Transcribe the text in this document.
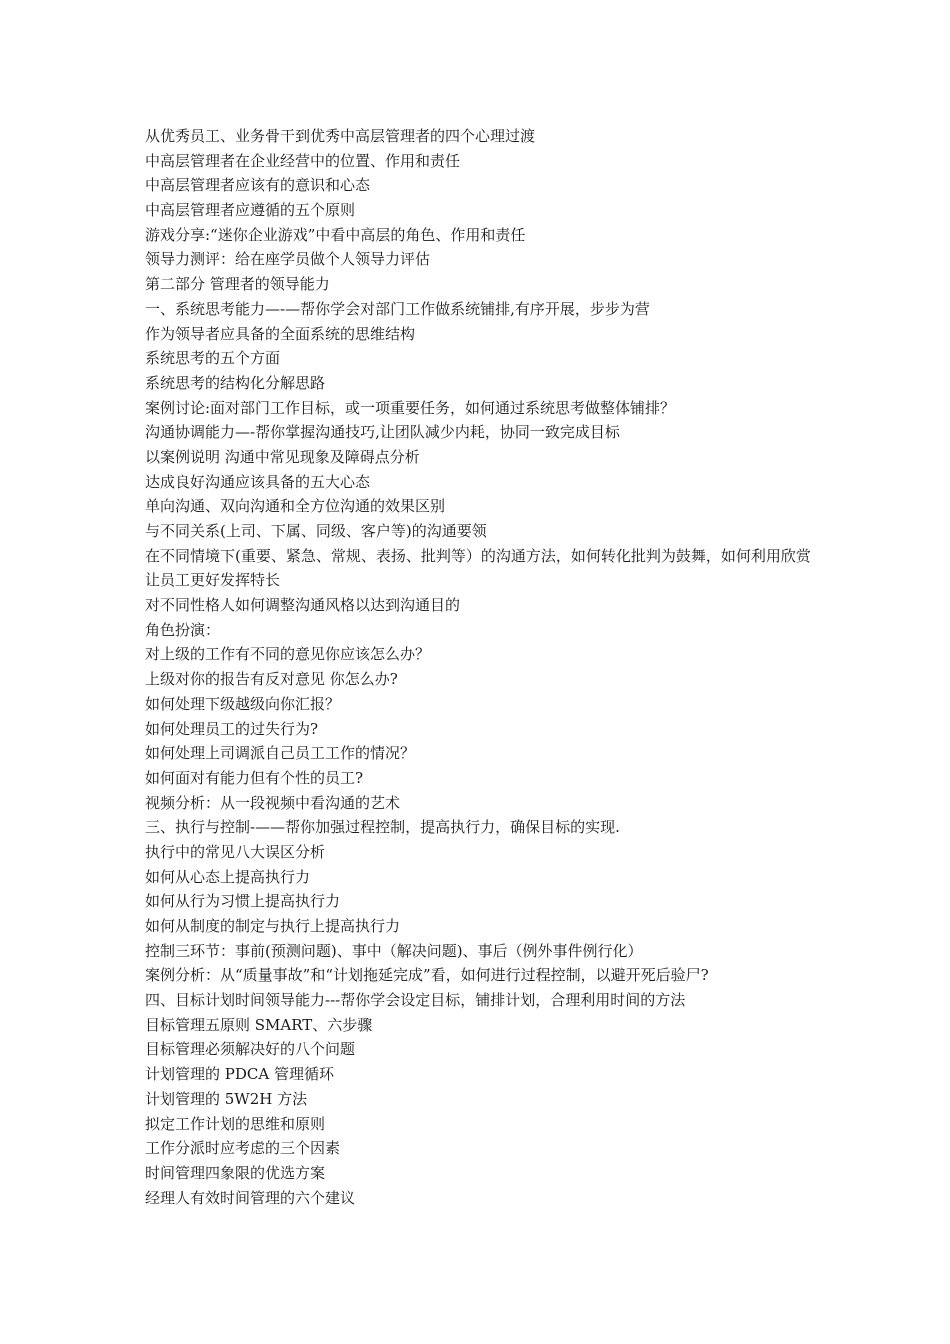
从优秀员工、业务骨干到优秀中高层管理者的四个心理过渡
中高层管理者在企业经营中的位置、作用和责任
中高层管理者应该有的意识和心态
中高层管理者应遵循的五个原则
游戏分享:“迷你企业游戏”中看中高层的角色、作用和责任
领导力测评：给在座学员做个人领导力评估
第二部分 管理者的领导能力
一、系统思考能力—-—帮你学会对部门工作做系统铺排,有序开展，步步为营
作为领导者应具备的全面系统的思维结构
系统思考的五个方面
系统思考的结构化分解思路
案例讨论:面对部门工作目标，或一项重要任务，如何通过系统思考做整体铺排？
沟通协调能力—-帮你掌握沟通技巧,让团队减少内耗，协同一致完成目标
以案例说明 沟通中常见现象及障碍点分析
达成良好沟通应该具备的五大心态
单向沟通、双向沟通和全方位沟通的效果区别
与不同关系(上司、下属、同级、客户等)的沟通要领
在不同情境下(重要、紧急、常规、表扬、批判等）的沟通方法，如何转化批判为鼓舞，如何利用欣赏让员工更好发挥特长
对不同性格人如何调整沟通风格以达到沟通目的
角色扮演：
对上级的工作有不同的意见你应该怎么办？
上级对你的报告有反对意见 你怎么办?
如何处理下级越级向你汇报？
如何处理员工的过失行为?
如何处理上司调派自己员工工作的情况？
如何面对有能力但有个性的员工?
视频分析：从一段视频中看沟通的艺术
三、执行与控制-——帮你加强过程控制，提高执行力，确保目标的实现.
执行中的常见八大误区分析
如何从心态上提高执行力
如何从行为习惯上提高执行力
如何从制度的制定与执行上提高执行力
控制三环节：事前(预测问题)、事中（解决问题)、事后（例外事件例行化）
案例分析：从“质量事故”和“计划拖延完成”看，如何进行过程控制，以避开死后验尸?
四、目标计划时间领导能力---帮你学会设定目标，铺排计划，合理利用时间的方法
目标管理五原则 SMART、六步骤
目标管理必须解决好的八个问题
计划管理的 PDCA 管理循环
计划管理的 5W2H 方法
拟定工作计划的思维和原则
工作分派时应考虑的三个因素
时间管理四象限的优选方案
经理人有效时间管理的六个建议
